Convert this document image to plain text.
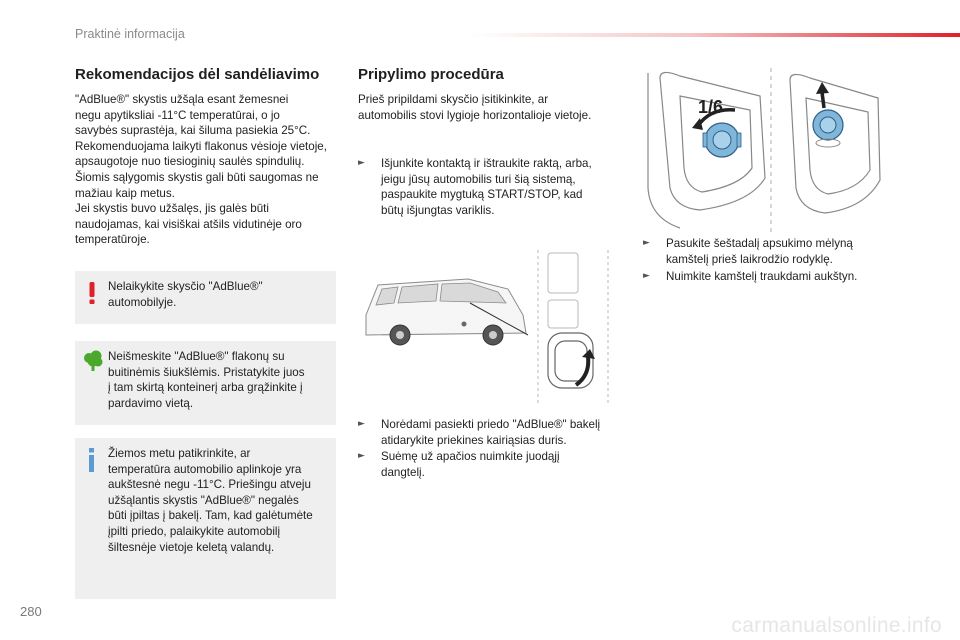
Praktinė informacija
Rekomendacijos dėl sandėliavimo
"AdBlue®" skystis užšąla esant žemesnei
negu apytiksliai -11°C temperatūrai, o jo
savybės suprastėja, kai šiluma pasiekia 25°C.
Rekomenduojama laikyti flakonus vėsioje vietoje,
apsaugotoje nuo tiesioginių saulės spindulių.
Šiomis sąlygomis skystis gali būti saugomas ne
mažiau kaip metus.
Jei skystis buvo užšalęs, jis galės būti
naudojamas, kai visiškai atšils vidutinėje oro
temperatūroje.
Nelaikykite skysčio "AdBlue®"
automobilyje.
Neišmeskite "AdBlue®" flakonų su
buitinėmis šiukšlėmis. Pristatykite juos
į tam skirtą konteinerį arba grąžinkite į
pardavimo vietą.
Žiemos metu patikrinkite, ar
temperatūra automobilio aplinkoje yra
aukštesnė negu -11°C. Priešingu atveju
užšąlantis skystis "AdBlue®" negalės
būti įpiltas į bakelį. Tam, kad galėtumėte
įpilti priedo, palaikykite automobilį
šiltesnėje vietoje keletą valandų.
Pripylimo procedūra
Prieš pripildami skysčio įsitikinkite, ar
automobilis stovi lygioje horizontalioje vietoje.
► Išjunkite kontaktą ir ištraukite raktą, arba,
jeigu jūsų automobilis turi šią sistemą,
paspaukite mygtuką START/STOP, kad
būtų išjungtas variklis.
► Norėdami pasiekti priedo "AdBlue®" bakelį
atidarykite priekines kairiąsias duris.
► Suėmę už apačios nuimkite juodąjį
dangtelį.
1/6
► Pasukite šeštadalį apsukimo mėlyną
kamštelį prieš laikrodžio rodyklę.
► Nuimkite kamštelį traukdami aukštyn.
280
carmanualsonline.info
